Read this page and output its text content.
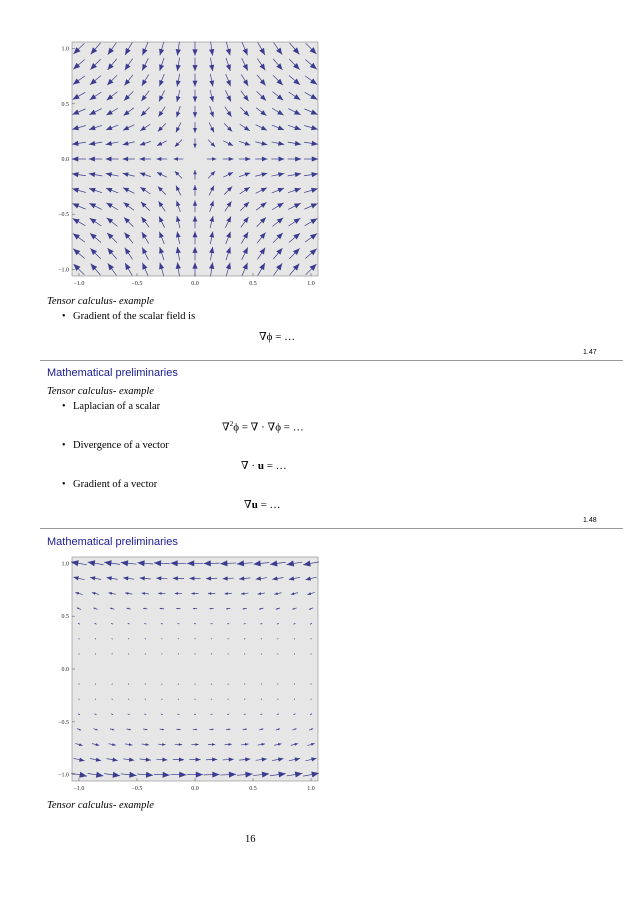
−1.0
1.0
−0.5
0.5
0.0
0.0
0.5
−0.5
1.0
−1.0
Tensor calculus- example
• Gradient of the scalar field is
∇ϕ = …
1.47
Mathematical preliminaries
Tensor calculus- example
• Laplacian of a scalar
∇$^2$ϕ = ∇ · ∇ϕ = …
• Divergence of a vector
∇ · u = …
• Gradient of a vector
∇u = …
1.48
Mathematical preliminaries
−1.0
1.0
−0.5
0.5
0.0
0.0
0.5
−0.5
1.0
−1.0
Tensor calculus- example
16
